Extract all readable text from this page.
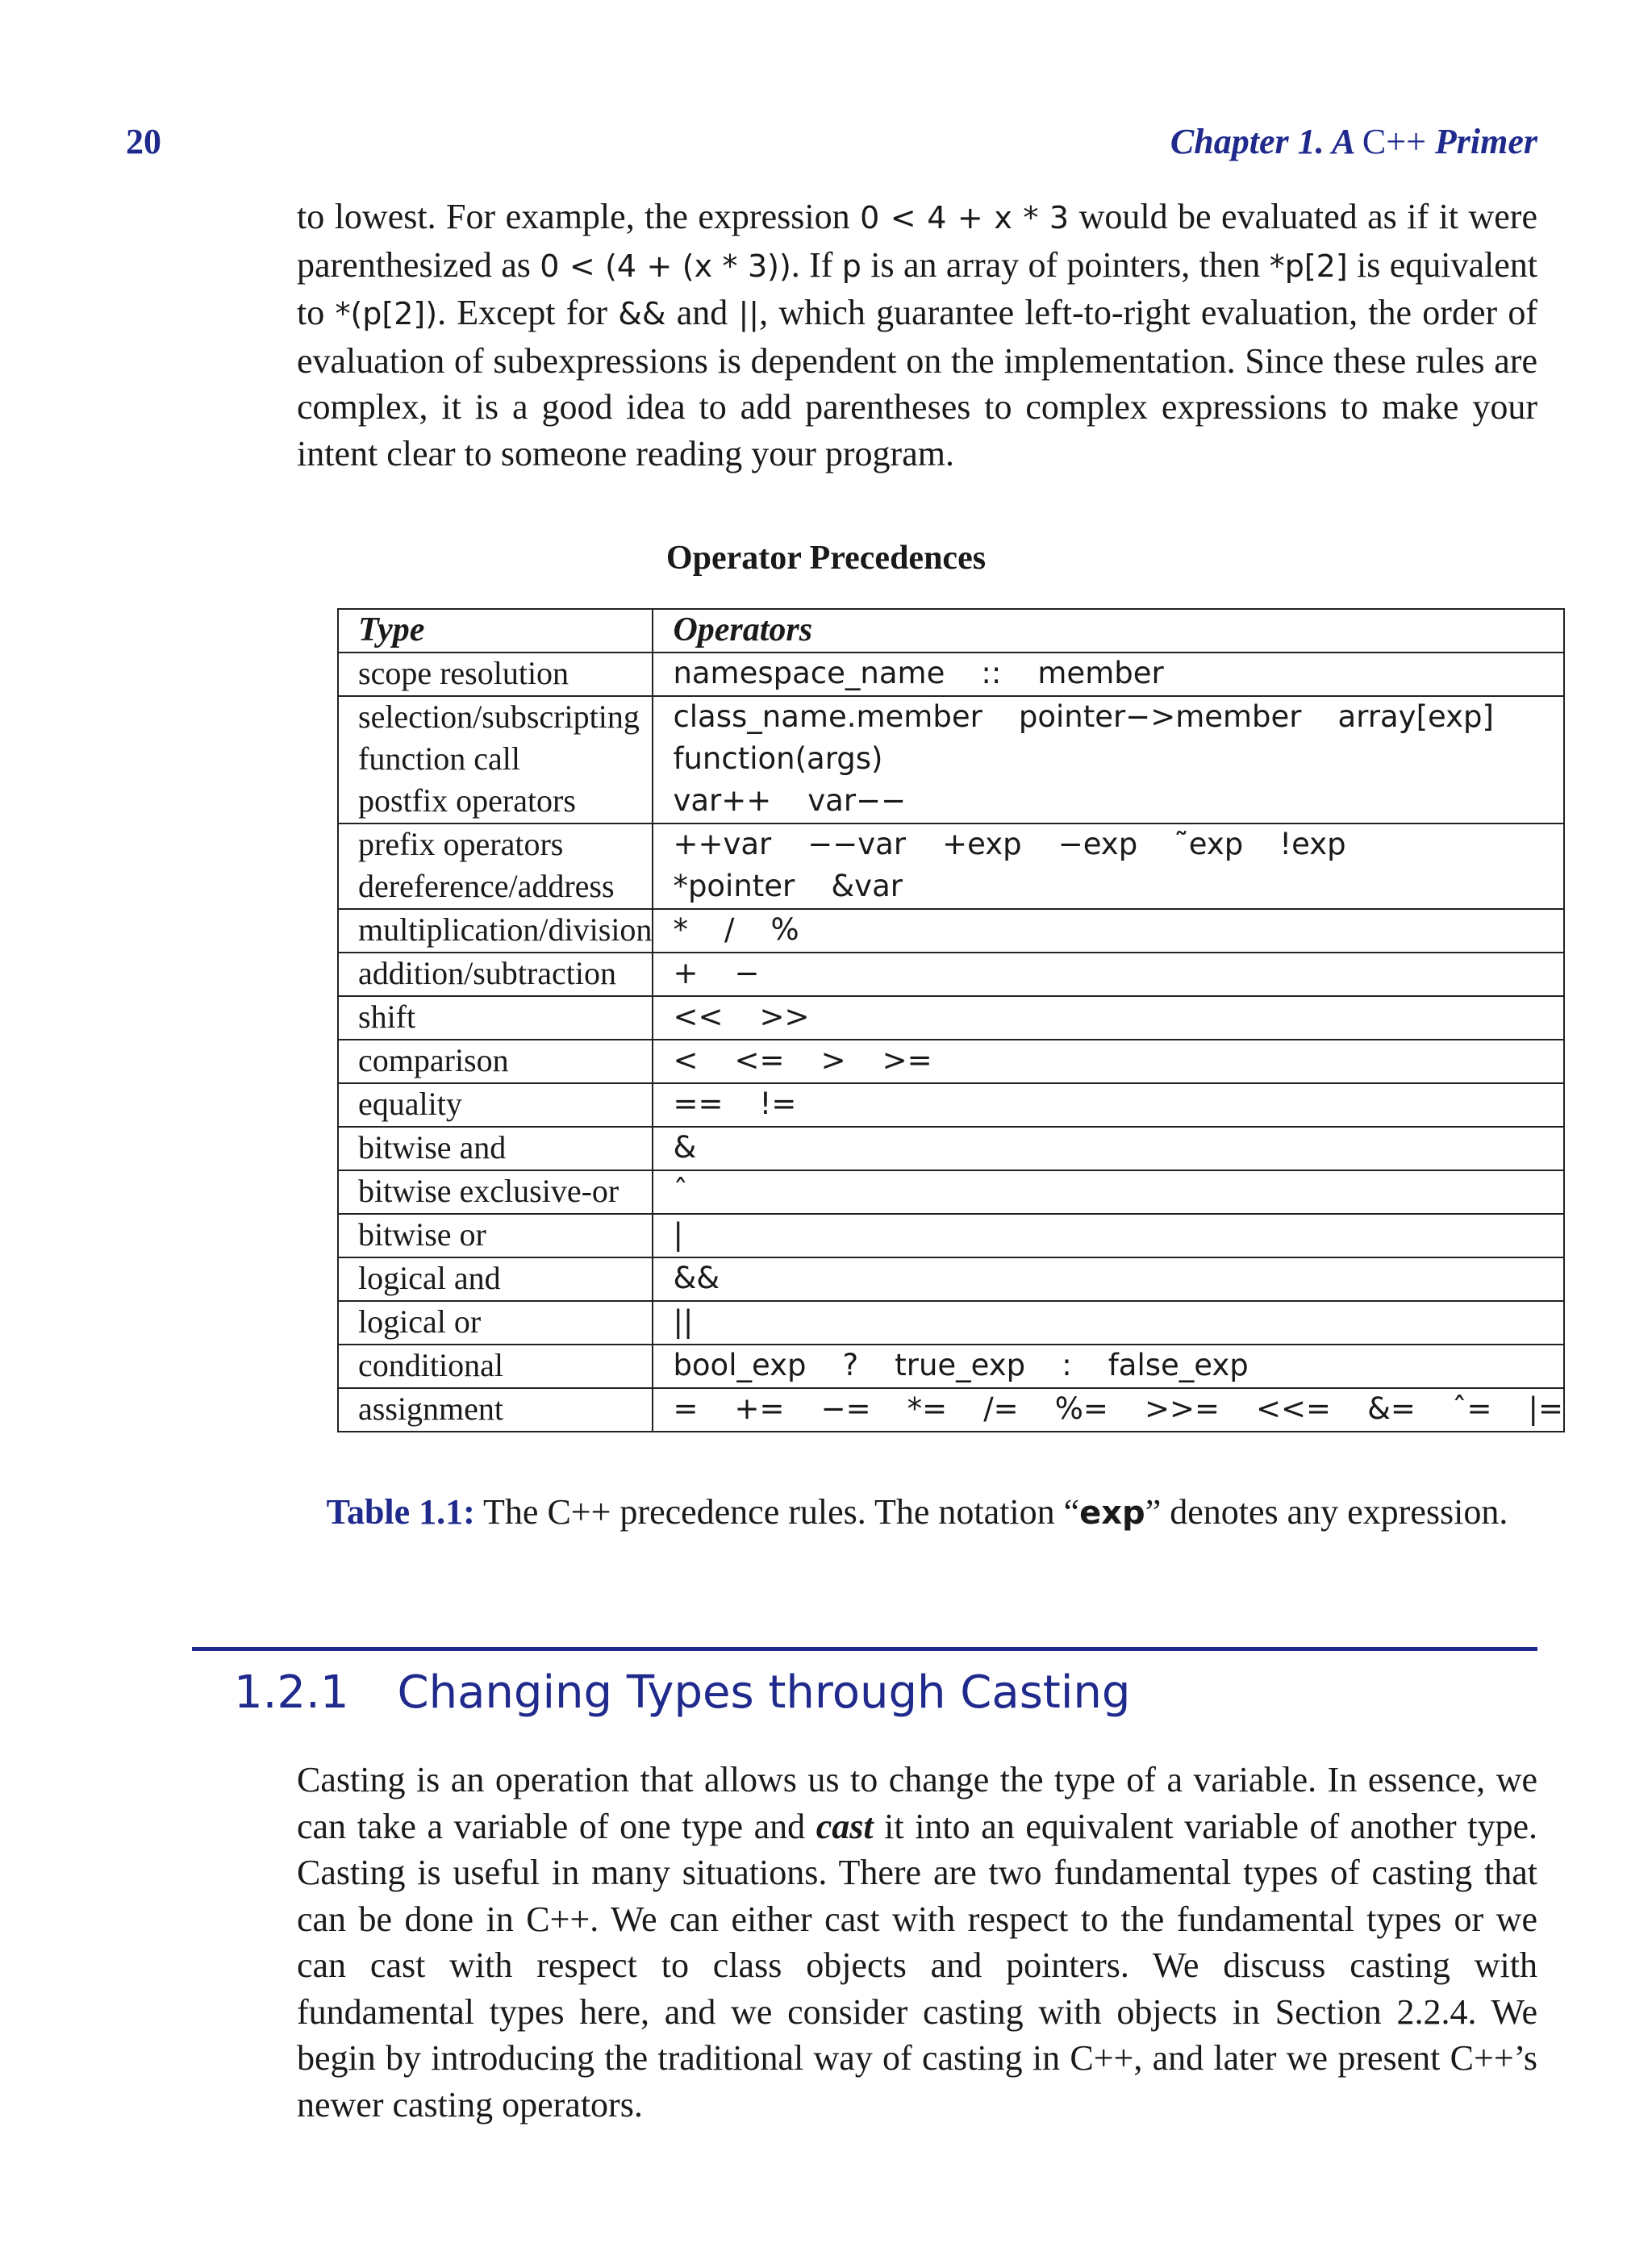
20	Chapter 1. A C++ Primer
to lowest. For example, the expression 0 < 4 + x * 3 would be evaluated as if it were parenthesized as 0 < (4 + (x * 3)). If p is an array of pointers, then *p[2] is equivalent to *(p[2]). Except for && and ||, which guarantee left-to-right evaluation, the order of evaluation of subexpressions is dependent on the implementation. Since these rules are complex, it is a good idea to add parentheses to complex expressions to make your intent clear to someone reading your program.
Operator Precedences
Type	Operators
scope resolution	namespace_name :: member
selection/subscripting	class_name.member pointer−>member array[exp]
function call	function(args)
postfix operators	var++ var−−
prefix operators	++var −−var +exp −exp ˜exp !exp
dereference/address	*pointer &var
multiplication/division	* / %
addition/subtraction	+ −
shift	<< >>
comparison	< <= > >=
equality	== !=
bitwise and	&
bitwise exclusive-or	ˆ
bitwise or	|
logical and	&&
logical or	||
conditional	bool_exp ? true_exp : false_exp
assignment	= += −= *= /= %= >>= <<= &= ˆ= |=
Table 1.1: The C++ precedence rules. The notation “exp” denotes any expression.
1.2.1 Changing Types through Casting
Casting is an operation that allows us to change the type of a variable. In essence, we can take a variable of one type and cast it into an equivalent variable of another type. Casting is useful in many situations. There are two fundamental types of casting that can be done in C++. We can either cast with respect to the fundamental types or we can cast with respect to class objects and pointers. We discuss casting with fundamental types here, and we consider casting with objects in Section 2.2.4. We begin by introducing the traditional way of casting in C++, and later we present C++’s newer casting operators.
